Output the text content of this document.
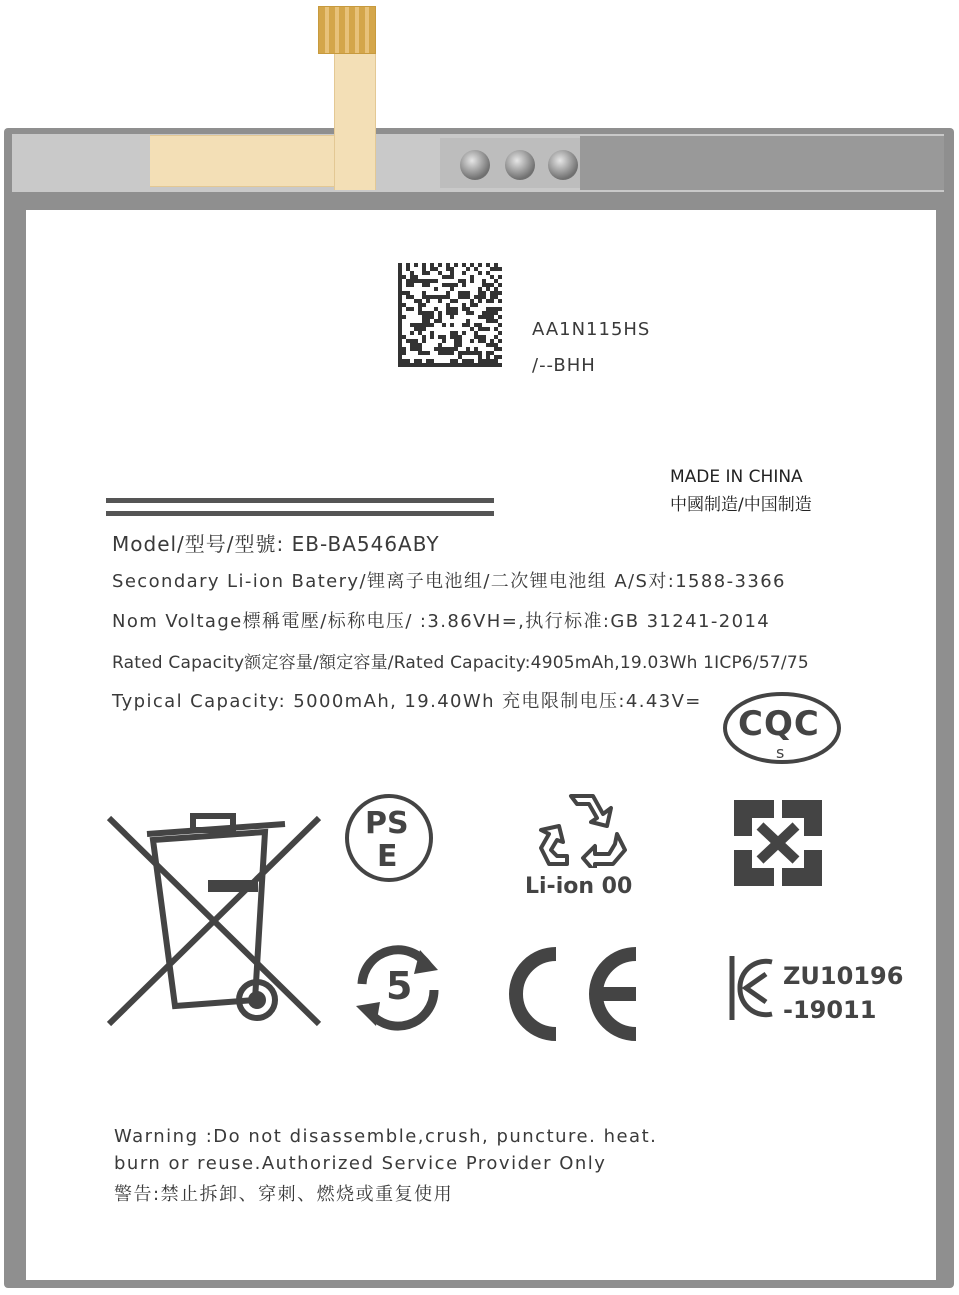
AA1N115HS
/--BHH
MADE IN CHINA
中國制造/中国制造
Model/型号/型號: EB-BA546ABY
Secondary Li-ion Batery/锂离子电池组/二次锂电池组 A/S对:1588-3366
Nom Voltage標稱電壓/标称电压/ :3.86VH=,执行标准:GB 31241-2014
Rated Capacity额定容量/額定容量/Rated Capacity:4905mAh,19.03Wh 1ICP6/57/75
Typical Capacity: 5000mAh, 19.40Wh 充电限制电压:4.43V=
CQC
s
PS
E
Li-ion 00
5	ZU10196
-19011
Warning :Do not disassemble,crush, puncture. heat.
burn or reuse.Authorized Service Provider Only
警告:禁止拆卸、穿刺、燃烧或重复使用
